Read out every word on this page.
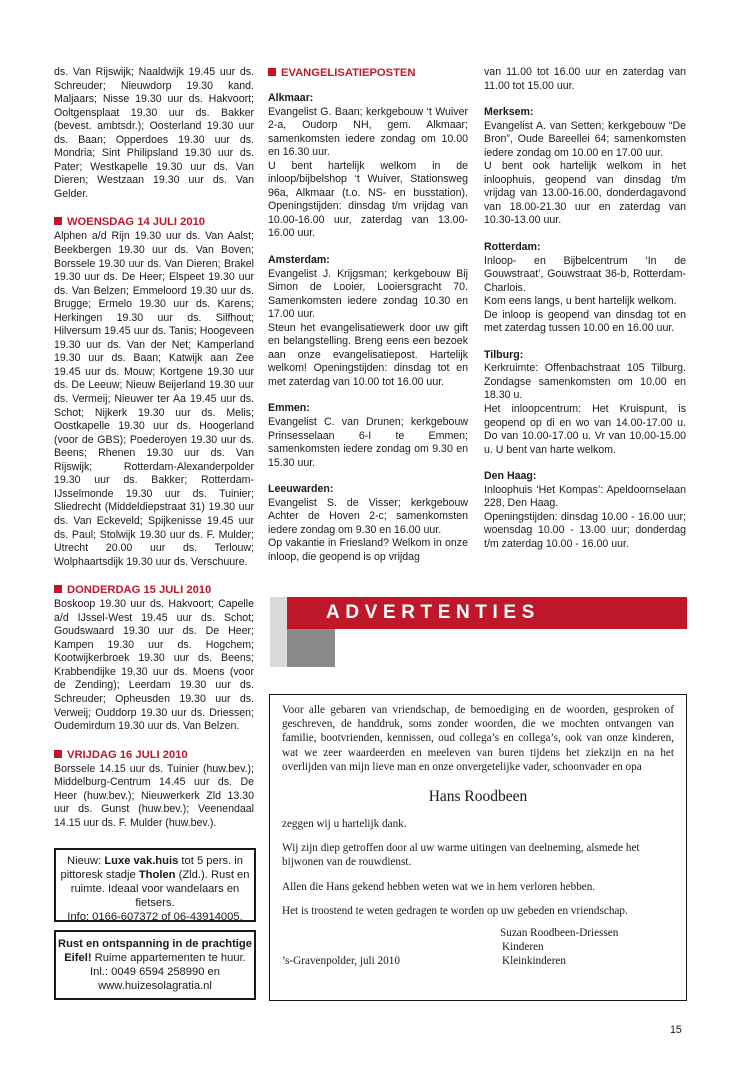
ds. Van Rijswijk; Naaldwijk 19.45 uur ds. Schreuder; Nieuwdorp 19.30 kand. Maljaars; Nisse 19.30 uur ds. Hakvoort; Ooltgensplaat 19.30 uur ds. Bakker (bevest. ambtsdr.); Oosterland 19.30 uur ds. Baan; Opperdoes 19.30 uur ds. Mondria; Sint Philipsland 19.30 uur ds. Pater; Westkapelle 19.30 uur ds. Van Dieren; Westzaan 19.30 uur ds. Van Gelder.

WOENSDAG 14 JULI 2010

Alphen a/d Rijn 19.30 uur ds. Van Aalst; Beekbergen 19.30 uur ds. Van Boven; Borssele 19.30 uur ds. Van Dieren; Brakel 19.30 uur ds. De Heer; Elspeet 19.30 uur ds. Van Belzen; Emmeloord 19.30 uur ds. Brugge; Ermelo 19.30 uur ds. Karens; Herkingen 19.30 uur ds. Silfhout; Hilversum 19.45 uur ds. Tanis; Hoogeveen 19.30 uur ds. Van der Net; Kamperland 19.30 uur ds. Baan; Katwijk aan Zee 19.45 uur ds. Mouw; Kortgene 19.30 uur ds. De Leeuw; Nieuw Beijerland 19.30 uur ds. Vermeij; Nieuwer ter Aa 19.45 uur ds. Schot; Nijkerk 19.30 uur ds. Melis; Oostkapelle 19.30 uur ds. Hoogerland (voor de GBS); Poederoyen 19.30 uur ds. Beens; Rhenen 19.30 uur ds. Van Rijswijk; Rotterdam-Alexanderpolder 19.30 uur ds. Bakker; Rotterdam-IJsselmonde 19.30 uur ds. Tuinier; Sliedrecht (Middeldiepstraat 31) 19.30 uur ds. Van Eckeveld; Spijkenisse 19.45 uur ds. Paul; Stolwijk 19.30 uur ds. F. Mulder; Utrecht 20.00 uur ds. Terlouw; Wolphaartsdijk 19.30 uur ds. Verschuure.

DONDERDAG 15 JULI 2010

Boskoop 19.30 uur ds. Hakvoort; Capelle a/d IJssel-West 19.45 uur ds. Schot; Goudswaard 19.30 uur ds. De Heer; Kampen 19.30 uur ds. Hogchem; Kootwijkerbroek 19.30 uur ds. Beens; Krabbendijke 19.30 uur ds. Moens (voor de Zending); Leerdam 19.30 uur ds. Schreuder; Opheusden 19.30 uur ds. Verweij; Ouddorp 19.30 uur ds. Driessen; Oudemirdum 19.30 uur ds. Van Belzen.

VRIJDAG 16 JULI 2010

Borssele 14.15 uur ds. Tuinier (huw.bev.); Middelburg-Centrum 14.45 uur ds. De Heer (huw.bev.); Nieuwerkerk Zld 13.30 uur ds. Gunst (huw.bev.); Veenendaal 14.15 uur ds. F. Mulder (huw.bev.).

Nieuw: Luxe vak.huis tot 5 pers. in pittoresk stadje Tholen (Zld.). Rust en ruimte. Ideaal voor wandelaars en fietsers.
Info: 0166-607372 of 06-43914005.
Rust en ontspanning in de prachtige Eifel! Ruime appartementen te huur. Inl.: 0049 6594 258990 en www.huizesolagratia.nl
EVANGELISATIEPOSTEN
Alkmaar:

Evangelist G. Baan; kerkgebouw ‘t Wuiver 2-a, Oudorp NH, gem. Alkmaar; samenkomsten iedere zondag om 10.00 en 16.30 uur.

U bent hartelijk welkom in de inloop/bijbelshop ‘t Wuiver, Stationsweg 96a, Alkmaar (t.o. NS- en busstation). Openingstijden: dinsdag t/m vrijdag van 10.00-16.00 uur, zaterdag van 13.00-16.00 uur.

Amsterdam:

Evangelist J. Krijgsman; kerkgebouw Bij Simon de Looier, Looiersgracht 70. Samenkomsten iedere zondag 10.30 en 17.00 uur.

Steun het evangelisatiewerk door uw gift en belangstelling. Breng eens een bezoek aan onze evangelisatiepost. Hartelijk welkom! Openingstijden: dinsdag tot en met zaterdag van 10.00 tot 16.00 uur.

Emmen:

Evangelist C. van Drunen; kerkgebouw Prinsesselaan 6-I te Emmen; samenkomsten iedere zondag om 9.30 en 15.30 uur.

Leeuwarden:

Evangelist S. de Visser; kerkgebouw Achter de Hoven 2-c; samenkomsten iedere zondag om 9.30 en 16.00 uur.

Op vakantie in Friesland? Welkom in onze inloop, die geopend is op vrijdag

van 11.00 tot 16.00 uur en zaterdag van 11.00 tot 15.00 uur.

Merksem:

Evangelist A. van Setten; kerkgebouw “De Bron”, Oude Bareellei 64; samenkomsten iedere zondag om 10.00 en 17.00 uur.

U bent ook hartelijk welkom in het inloophuis, geopend van dinsdag t/m vrijdag van 13.00-16.00, donderdagavond van 18.00-21.30 uur en zaterdag van 10.30-13.00 uur.

Rotterdam:

Inloop- en Bijbelcentrum ‘In de Gouwstraat’, Gouwstraat 36-b, Rotterdam-Charlois.

Kom eens langs, u bent hartelijk welkom.

De inloop is geopend van dinsdag tot en met zaterdag tussen 10.00 en 16.00 uur.

Tilburg:

Kerkruimte: Offenbachstraat 105 Tilburg. Zondagse samenkomsten om 10.00 en 18.30 u.

Het inloopcentrum: Het Kruispunt, is geopend op di en wo van 14.00-17.00 u. Do van 10.00-17.00 u. Vr van 10.00-15.00 u. U bent van harte welkom.

Den Haag:

Inloophuis ‘Het Kompas’: Apeldoornselaan 228, Den Haag.

Openingstijden: dinsdag 10.00 - 16.00 uur; woensdag 10.00 - 13.00 uur; donderdag t/m zaterdag 10.00 - 16.00 uur.

ADVERTENTIES

Voor alle gebaren van vriendschap, de bemoediging en de woorden, gesproken of geschreven, de handdruk, soms zonder woorden, die we mochten ontvangen van familie, bootvrienden, kennissen, oud collega’s en collega’s, ook van onze kinderen, wat we zeer waardeerden en meeleven van buren tijdens het ziekzijn en na het overlijden van mijn lieve man en onze onvergetelijke vader, schoonvader en opa

Hans Roodbeen

zeggen wij u hartelijk dank.

Wij zijn diep getroffen door al uw warme uitingen van deelneming, alsmede het bijwonen van de rouwdienst.

Allen die Hans gekend hebben weten wat we in hem verloren hebben.

Het is troostend te weten gedragen te worden op uw gebeden en vriendschap.

’s-Gravenpolder, juli 2010
Suzan Roodbeen-Driessen
Kinderen
Kleinkinderen
15
